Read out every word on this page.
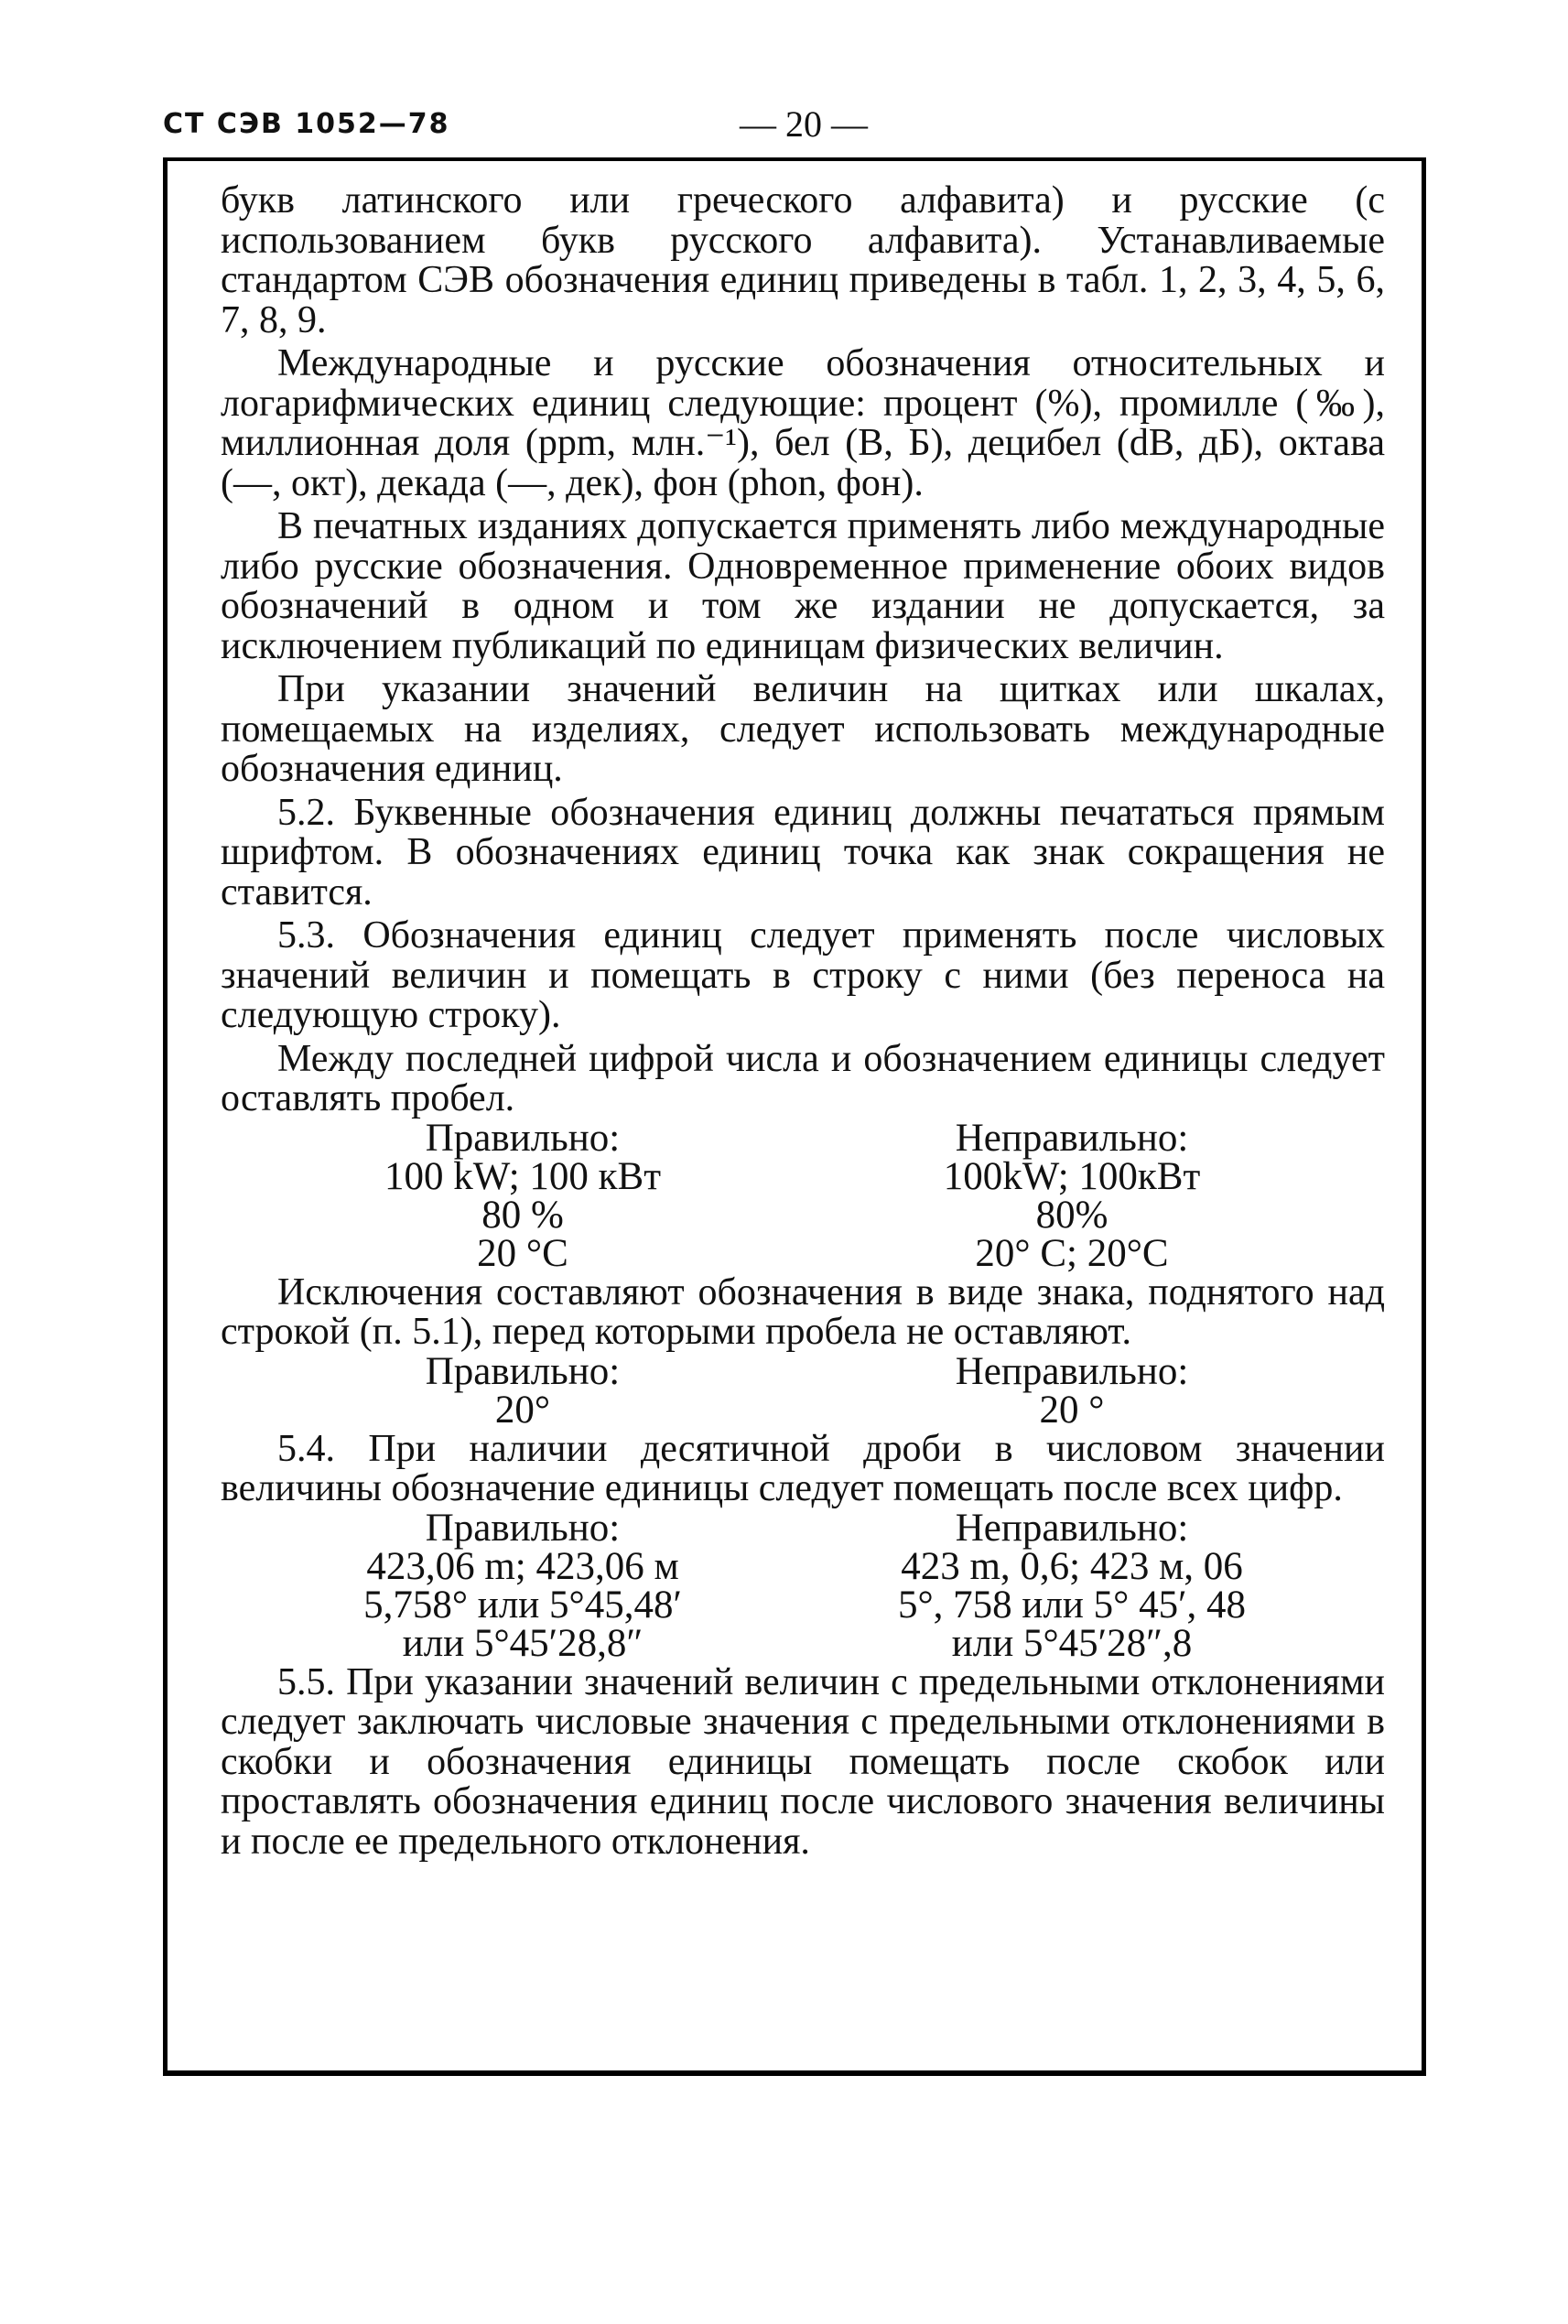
СТ СЭВ 1052—78	— 20 —
букв латинского или греческого алфавита) и русские (с использованием букв русского алфавита). Устанавливаемые стандартом СЭВ обозначения единиц приведены в табл. 1, 2, 3, 4, 5, 6, 7, 8, 9.
Международные и русские обозначения относительных и логарифмических единиц следующие: процент (%), промилле (‰), миллионная доля (ppm, млн.⁻¹), бел (B, Б), децибел (dB, дБ), октава (—, окт), декада (—, дек), фон (phon, фон).
В печатных изданиях допускается применять либо международные либо русские обозначения. Одновременное применение обоих видов обозначений в одном и том же издании не допускается, за исключением публикаций по единицам физических величин.
При указании значений величин на щитках или шкалах, помещаемых на изделиях, следует использовать международные обозначения единиц.
5.2. Буквенные обозначения единиц должны печататься прямым шрифтом. В обозначениях единиц точка как знак сокращения не ставится.
5.3. Обозначения единиц следует применять после числовых значений величин и помещать в строку с ними (без переноса на следующую строку).
Между последней цифрой числа и обозначением единицы следует оставлять пробел.
Правильно:	Неправильно:
100 kW; 100 кВт	100kW; 100кВт
80 %	80%
20 °C	20° C; 20°C
Исключения составляют обозначения в виде знака, поднятого над строкой (п. 5.1), перед которыми пробела не оставляют.
Правильно:	Неправильно:
20°	20 °
5.4. При наличии десятичной дроби в числовом значении величины обозначение единицы следует помещать после всех цифр.
Правильно:	Неправильно:
423,06 m; 423,06 м	423 m, 0,6; 423 м, 06
5,758° или 5°45,48′	5°, 758 или 5° 45′, 48
или 5°45′28,8″	или 5°45′28″,8
5.5. При указании значений величин с предельными отклонениями следует заключать числовые значения с предельными отклонениями в скобки и обозначения единицы помещать после скобок или проставлять обозначения единиц после числового значения величины и после ее предельного отклонения.
